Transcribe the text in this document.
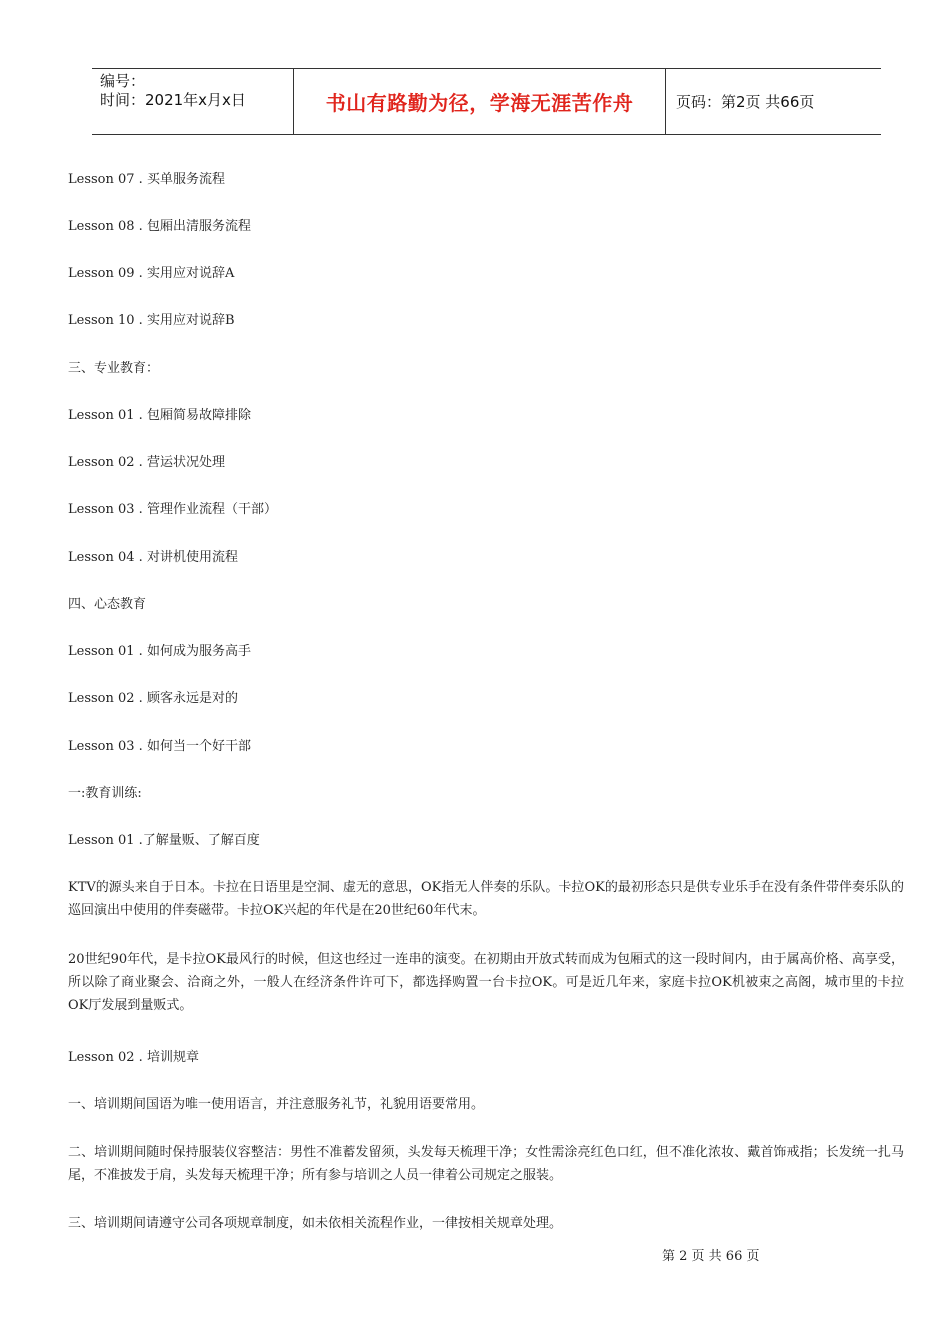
编号：
时间：2021年x月x日	书山有路勤为径，学海无涯苦作舟	页码：第2页 共66页
Lesson 07 . 买单服务流程
Lesson 08 . 包厢出清服务流程
Lesson 09 . 实用应对说辞A
Lesson 10 . 实用应对说辞B
三、专业教育：
Lesson 01 . 包厢简易故障排除
Lesson 02 . 营运状况处理
Lesson 03 . 管理作业流程（干部）
Lesson 04 . 对讲机使用流程
四、心态教育
Lesson 01 . 如何成为服务高手
Lesson 02 . 顾客永远是对的
Lesson 03 . 如何当一个好干部
一:教育训练:
Lesson 01 .了解量贩、了解百度
KTV的源头来自于日本。卡拉在日语里是空洞、虚无的意思，OK指无人伴奏的乐队。卡拉OK的最初形态只是供专业乐手在没有条件带伴奏乐队的巡回演出中使用的伴奏磁带。卡拉OK兴起的年代是在20世纪60年代末。
20世纪90年代，是卡拉OK最风行的时候，但这也经过一连串的演变。在初期由开放式转而成为包厢式的这一段时间内，由于属高价格、高享受，所以除了商业聚会、洽商之外，一般人在经济条件许可下，都选择购置一台卡拉OK。可是近几年来，家庭卡拉OK机被束之高阁，城市里的卡拉OK厅发展到量贩式。
Lesson 02 . 培训规章
一、培训期间国语为唯一使用语言，并注意服务礼节，礼貌用语要常用。
二、培训期间随时保持服装仪容整洁：男性不准蓄发留须，头发每天梳理干净；女性需涂亮红色口红，但不准化浓妆、戴首饰戒指；长发统一扎马尾，不准披发于肩，头发每天梳理干净；所有参与培训之人员一律着公司规定之服装。
三、培训期间请遵守公司各项规章制度，如未依相关流程作业，一律按相关规章处理。
第 2 页 共 66 页
